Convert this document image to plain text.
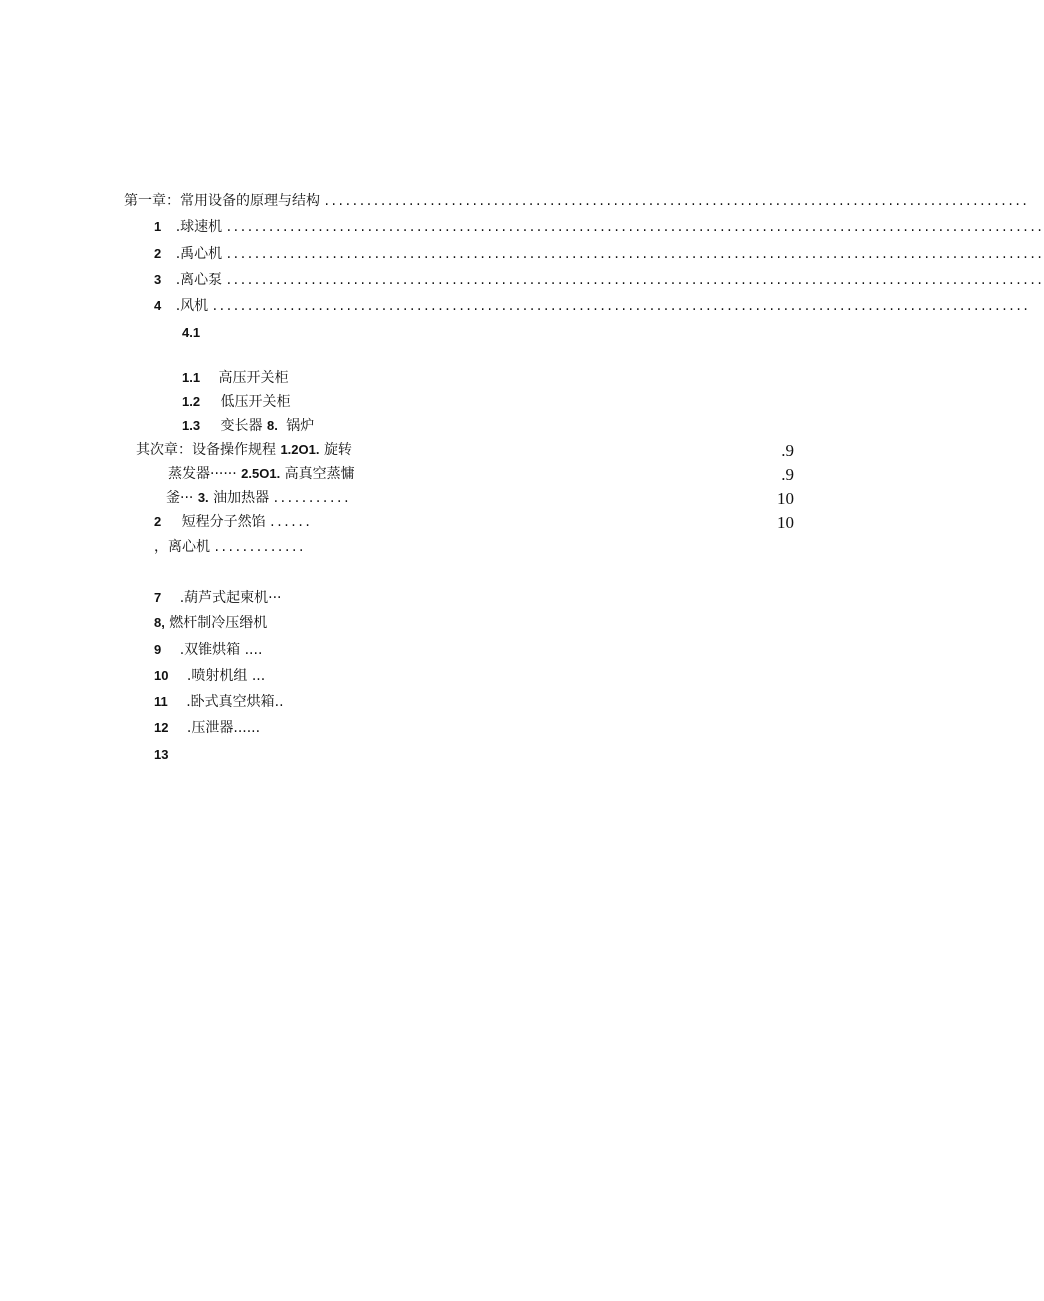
第一章：常用设备的原理与结构 ....................................................................................................
1 .球速机 ....................................................................................................................
2 .禹心机 ....................................................................................................................
3 .离心泵 ....................................................................................................................
4 .风机 ....................................................................................................................
4.1
1.1 高压开关柜
1.2 低压开关柜
1.3 变长器 8. 锅炉
其次章：设备操作规程 1.2O1. 旋转	.9
蒸发器······ 2.5O1. 高真空蒸慵	.9
釜··· 3. 油加热器 ...........	10
2 短程分子然馅 ......	10
，离心机 .............
7 .葫芦式起柬机···
8, 燃杆制冷压缗机
9 .双锥烘箱 ....
10 .喷射机组 ...
11 .卧式真空烘箱..
12 .压泄器......
13
